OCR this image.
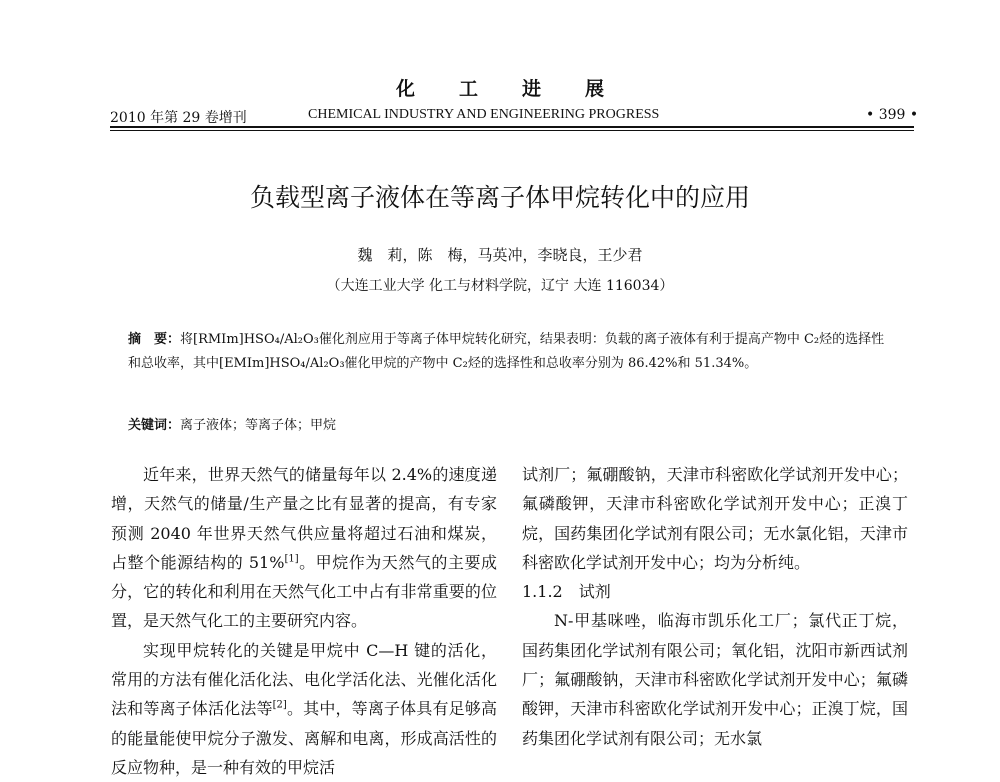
化工进展
2010 年第 29 卷增刊	CHEMICAL INDUSTRY AND ENGINEERING PROGRESS	• 399 •
负载型离子液体在等离子体甲烷转化中的应用
魏　莉，陈　梅，马英冲，李晓良，王少君
（大连工业大学 化工与材料学院，辽宁 大连 116034）
摘　要：将[RMIm]HSO₄/Al₂O₃催化剂应用于等离子体甲烷转化研究，结果表明：负载的离子液体有利于提高产物中 C₂烃的选择性和总收率，其中[EMIm]HSO₄/Al₂O₃催化甲烷的产物中 C₂烃的选择性和总收率分别为 86.42%和 51.34%。
关键词：离子液体；等离子体；甲烷

近年来，世界天然气的储量每年以 2.4%的速度递增，天然气的储量/生产量之比有显著的提高，有专家预测 2040 年世界天然气供应量将超过石油和煤炭，占整个能源结构的 51%[1]。甲烷作为天然气的主要成分，它的转化和利用在天然气化工中占有非常重要的位置，是天然气化工的主要研究内容。

实现甲烷转化的关键是甲烷中 C—H 键的活化，常用的方法有催化活化法、电化学活化法、光催化活化法和等离子体活化法等[2]。其中，等离子体具有足够高的能量能使甲烷分子激发、离解和电离，形成高活性的反应物种，是一种有效的甲烷活

试剂厂；氟硼酸钠，天津市科密欧化学试剂开发中心；氟磷酸钾，天津市科密欧化学试剂开发中心；正溴丁烷，国药集团化学试剂有限公司；无水氯化铝，天津市科密欧化学试剂开发中心；均为分析纯。

1.1.2　试剂

N-甲基咪唑，临海市凯乐化工厂；氯代正丁烷，国药集团化学试剂有限公司；氧化铝，沈阳市新西试剂厂；氟硼酸钠，天津市科密欧化学试剂开发中心；氟磷酸钾，天津市科密欧化学试剂开发中心；正溴丁烷，国药集团化学试剂有限公司；无水氯
